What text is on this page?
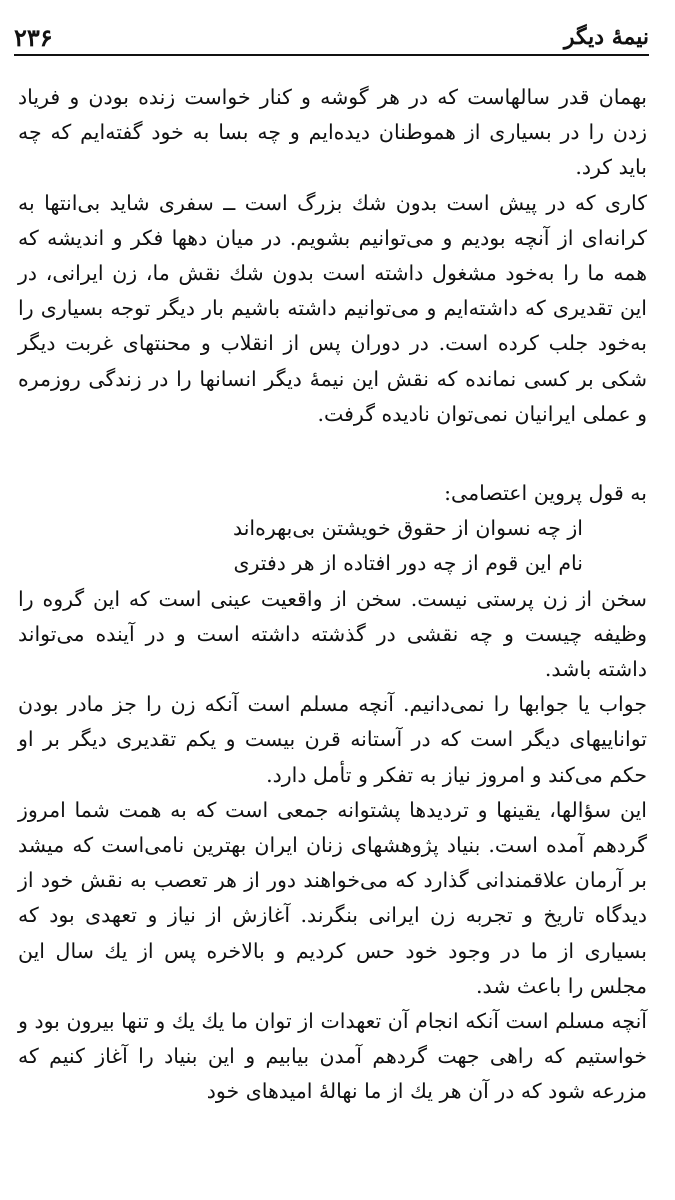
نیمهٔ دیگر
۲۳۶

بهمان قدر سالهاست که در هر گوشه و کنار خواست زنده بودن و فریاد زدن را در بسیاری از هموطنان دیده‌ایم و چه بسا به خود گفته‌ایم که چه باید کرد.

کاری که در پیش است بدون شك بزرگ است ــ سفری شاید بی‌انتها به کرانه‌ای از آنچه بودیم و می‌توانیم بشویم. در میان دهها فکر و اندیشه که همه ما را به‌خود مشغول داشته است بدون شك نقش ما، زن ایرانی، در این تقدیری که داشته‌ایم و می‌توانیم داشته باشیم بار دیگر توجه بسیاری را به‌خود جلب کرده است. در دوران پس از انقلاب و محنتهای غربت دیگر شکی بر کسی نمانده که نقش این نیمهٔ دیگر انسانها را در زندگی روزمره و عملی ایرانیان نمی‌توان نادیده گرفت.

به قول پروین اعتصامی:

از چه نسوان از حقوق خویشتن بی‌بهره‌اند

نام این قوم از چه دور افتاده از هر دفتری

سخن از زن پرستی نیست. سخن از واقعیت عینی است که این گروه را وظیفه چیست و چه نقشی در گذشته داشته است و در آینده می‌تواند داشته باشد.

جواب یا جوابها را نمی‌دانیم. آنچه مسلم است آنکه زن را جز مادر بودن تواناییهای دیگر است که در آستانه قرن بیست و یکم تقدیری دیگر بر او حکم می‌کند و امروز نیاز به تفکر و تأمل دارد.

این سؤالها، یقینها و تردیدها پشتوانه جمعی است که به همت شما امروز گردهم آمده است. بنیاد پژوهشهای زنان ایران بهترین نامی‌است که میشد بر آرمان علاقمندانی گذارد که می‌خواهند دور از هر تعصب به نقش خود از دیدگاه تاریخ و تجربه زن ایرانی بنگرند. آغازش از نیاز و تعهدی بود که بسیاری از ما در وجود خود حس کردیم و بالاخره پس از یك سال این مجلس را باعث شد.

آنچه مسلم است آنکه انجام آن تعهدات از توان ما یك یك و تنها بیرون بود و خواستیم که راهی جهت گردهم آمدن بیابیم و این بنیاد را آغاز کنیم که مزرعه شود که در آن هر یك از ما نهالهٔ امیدهای خود
